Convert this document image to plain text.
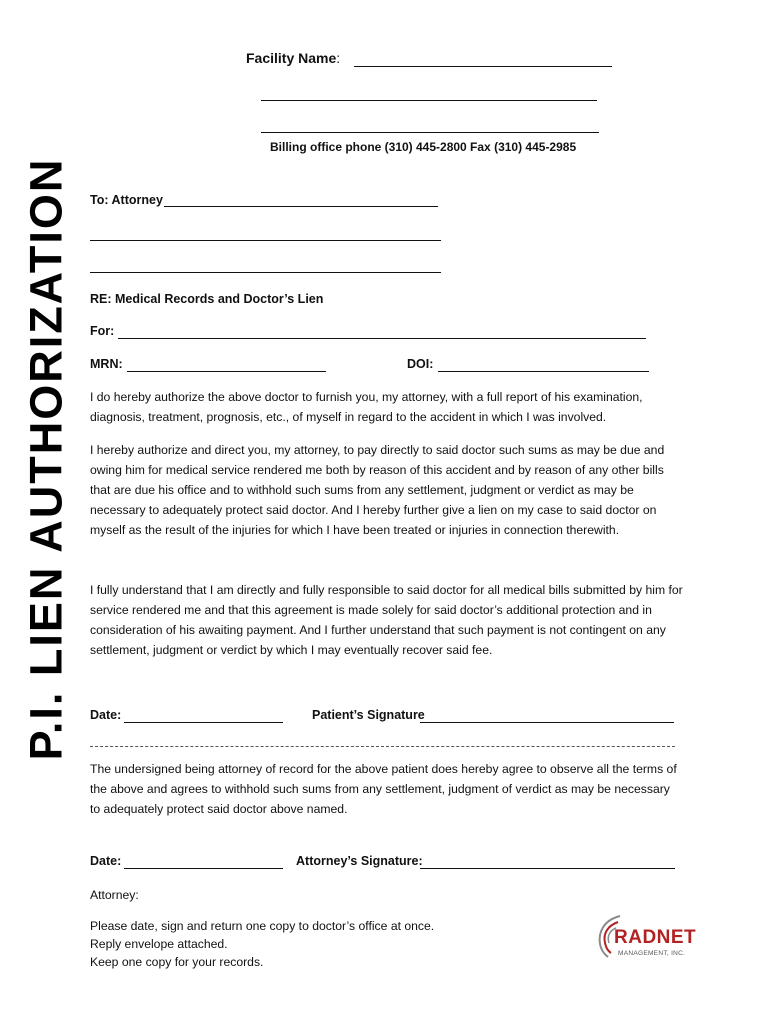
P.I. LIEN AUTHORIZATION
Facility Name:
Billing office phone (310) 445-2800 Fax (310) 445-2985
To: Attorney
RE: Medical Records and Doctor’s Lien
For:
MRN:	DOI:
I do hereby authorize the above doctor to furnish you, my attorney, with a full report of his examination, diagnosis, treatment, prognosis, etc., of myself in regard to the accident in which I was involved.
I hereby authorize and direct you, my attorney, to pay directly to said doctor such sums as may be due and owing him for medical service rendered me both by reason of this accident and by reason of any other bills that are due his office and to withhold such sums from any settlement, judgment or verdict as may be necessary to adequately protect said doctor. And I hereby further give a lien on my case to said doctor on myself as the result of the injuries for which I have been treated or injuries in connection therewith.
I fully understand that I am directly and fully responsible to said doctor for all medical bills submitted by him for service rendered me and that this agreement is made solely for said doctor’s additional protection and in consideration of his awaiting payment. And I further understand that such payment is not contingent on any settlement, judgment or verdict by which I may eventually recover said fee.
Date:	Patient’s Signature
The undersigned being attorney of record for the above patient does hereby agree to observe all the terms of the above and agrees to withhold such sums from any settlement, judgment of verdict as may be necessary to adequately protect said doctor above named.
Date:	Attorney’s Signature:
Attorney:
Please date, sign and return one copy to doctor’s office at once.
Reply envelope attached.
Keep one copy for your records.
RADNET
MANAGEMENT, INC.
